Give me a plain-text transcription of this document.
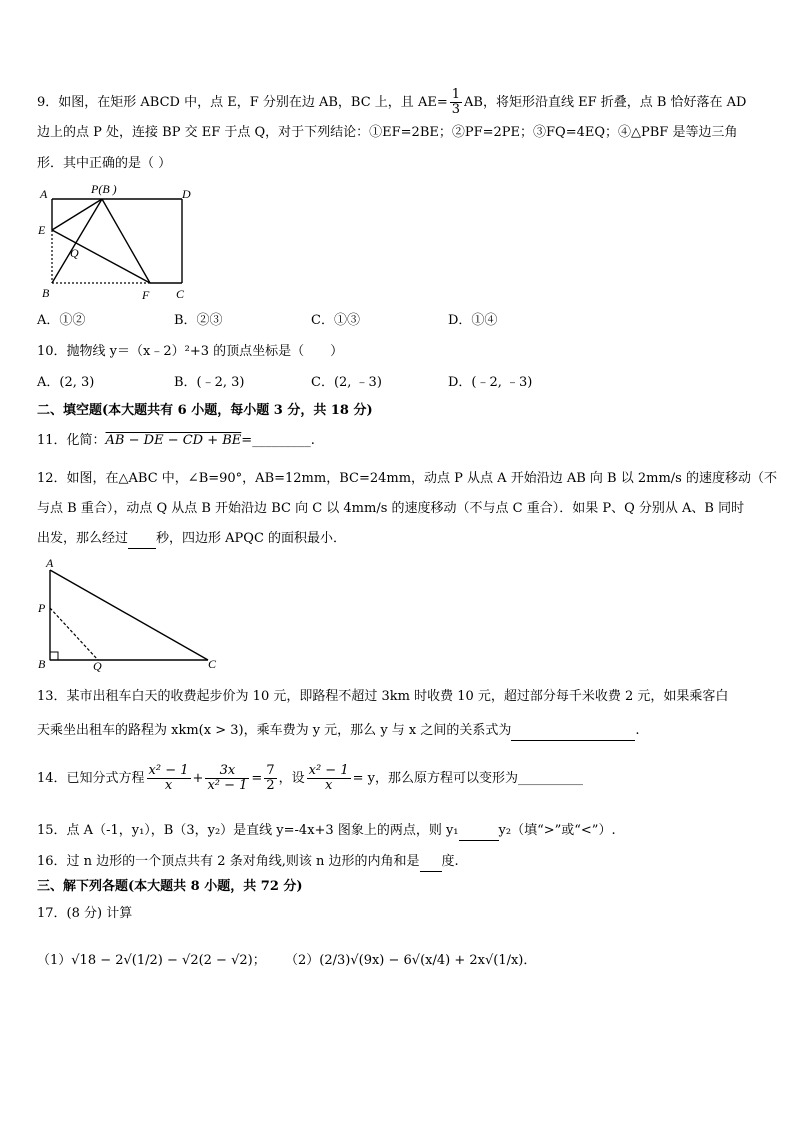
9．如图，在矩形 ABCD 中，点 E，F 分别在边 AB，BC 上，且 $AE= \frac{1}{3}$ AB，将矩形沿直线 EF 折叠，点 B 恰好落在 AD
边上的点 P 处，连接 BP 交 EF 于点 Q，对于下列结论：①EF=2BE；②PF=2PE；③FQ=4EQ；④△PBF 是等边三角
形．其中正确的是（ ）
A	P(B )	D
E
Q
B	F C
A．①②	B．②③	C．①③	D．①④
10．抛物线 y＝（x﹣2）²+3 的顶点坐标是（　　）
A．(2, 3)	B．(﹣2, 3)	C．(2, ﹣3)	D．(﹣2, ﹣3)
二、填空题(本大题共有 6 小题，每小题 3 分，共 18 分)
11．化简：AB − DE − CD + BE=_________.
12．如图，在△ABC 中，∠B=90°，AB=12mm，BC=24mm，动点 P 从点 A 开始沿边 AB 向 B 以 2mm/s 的速度移动（不
与点 B 重合），动点 Q 从点 B 开始沿边 BC 向 C 以 4mm/s 的速度移动（不与点 C 重合）．如果 P、Q 分别从 A、B 同时
出发，那么经过 秒，四边形 APQC 的面积最小．
A
P
B	Q	C
13．某市出租车白天的收费起步价为 10 元，即路程不超过 3km 时收费 10 元，超过部分每千米收费 2 元，如果乘客白
天乘坐出租车的路程为 xkm(x > 3)，乘车费为 y 元，那么 y 与 x 之间的关系式为	.
14．已知分式方程 $\frac{\text{x² − 1}}{x} + \frac{3x}{\text{x² − 1}} = \frac{7}{2}$ ，设 $\frac{\text{x² − 1}}{x} = y$，那么原方程可以变形为__________
15．点 A（-1，y₁），B（3，y₂）是直线 y=-4x+3 图象上的两点，则 y₁	y₂（填“>”或“<”）.
16．过 n 边形的一个顶点共有 2 条对角线,则该 n 边形的内角和是 度.
三、解下列各题(本大题共 8 小题，共 72 分)
17．(8 分) 计算
（1）√18 − 2√(1/2) − √2(2 − √2)； （2）(2/3)√(9x) − 6√(x/4) + 2x√(1/x)．
